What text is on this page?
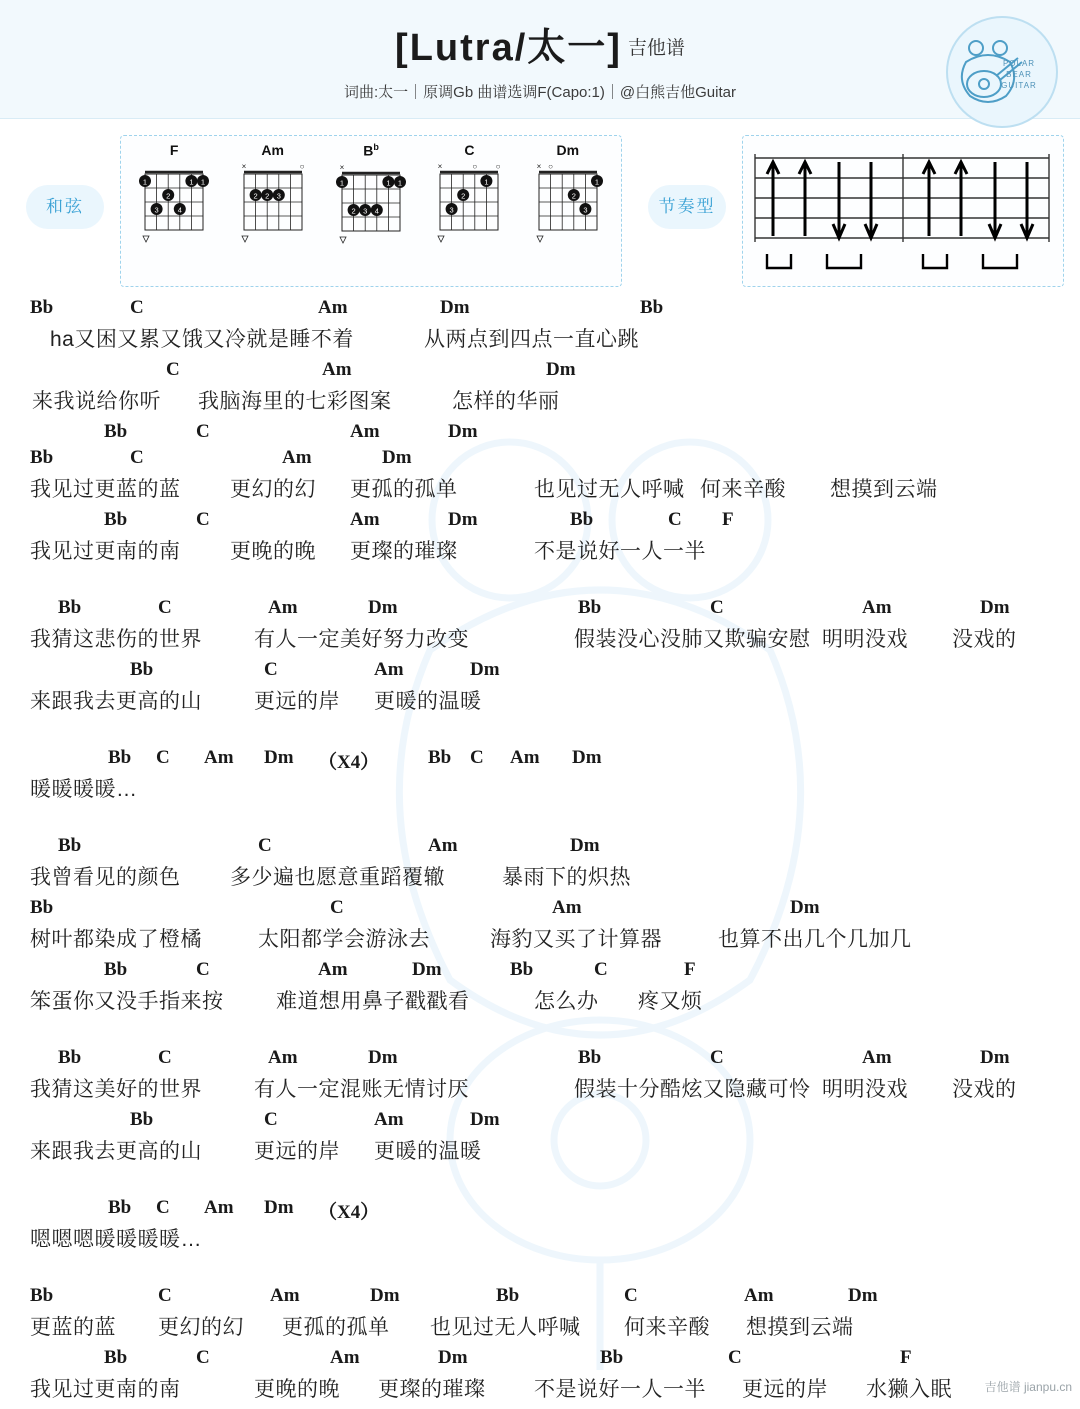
[Lutra/太一] 吉他谱
词曲:太一｜原调Gb 曲谱选调F(Capo:1)｜@白熊吉他Guitar
POLAR BEAR GUITAR
和弦	节奏型
F
1	1 1
2
3	4
Am
×	○
2 2 3
$B^b$
×
1	1 1
2 3 4
C
×	○ ○
2
1
3
Dm
× ○
2
3
1
Bb	C	Am	Dm	Bb
ha又困又累又饿又冷就是睡不着	从两点到四点一直心跳
C	Am	Dm
来我说给你听 我脑海里的七彩图案	怎样的华丽
Bb	C	Am	Dm
Bb	C	Am	Dm
我见过更蓝的蓝 更幻的幻 更孤的孤单	也见过无人呼喊 何来辛酸 想摸到云端
Bb	C	Am	Dm	Bb	C F
我见过更南的南 更晚的晚 更璨的璀璨	不是说好一人一半
Bb	C	Am	Dm	Bb	C	Am	Dm
我猜这悲伤的世界 有人一定美好努力改变	假装没心没肺又欺骗安慰 明明没戏 没戏的
Bb	C	Am	Dm
来跟我去更高的山 更远的岸 更暖的温暖
Bb C Am Dm （X4）	Bb C Am Dm
暖暖暖暖…
Bb	C	Am	Dm
我曾看见的颜色 多少遍也愿意重蹈覆辙	暴雨下的炽热
Bb	C	Am	Dm
树叶都染成了橙橘	太阳都学会游泳去	海豹又买了计算器	也算不出几个几加几
Bb	C	Am	Dm	Bb	C	F
笨蛋你又没手指来按	难道想用鼻子戳戳看	怎么办 疼又烦
Bb	C	Am	Dm	Bb	C	Am	Dm
我猜这美好的世界 有人一定混账无情讨厌	假装十分酷炫又隐藏可怜 明明没戏 没戏的
Bb	C	Am	Dm
来跟我去更高的山 更远的岸 更暖的温暖
Bb C Am Dm （X4）
嗯嗯嗯暖暖暖暖…
Bb	C	Am	Dm	Bb	C	Am	Dm
更蓝的蓝 更幻的幻 更孤的孤单 也见过无人呼喊 何来辛酸 想摸到云端
Bb	C	Am	Dm	Bb	C	F
我见过更南的南	更晚的晚 更璨的璀璨 不是说好一人一半 更远的岸 水獭入眠	吉他谱 jianpu.cn
